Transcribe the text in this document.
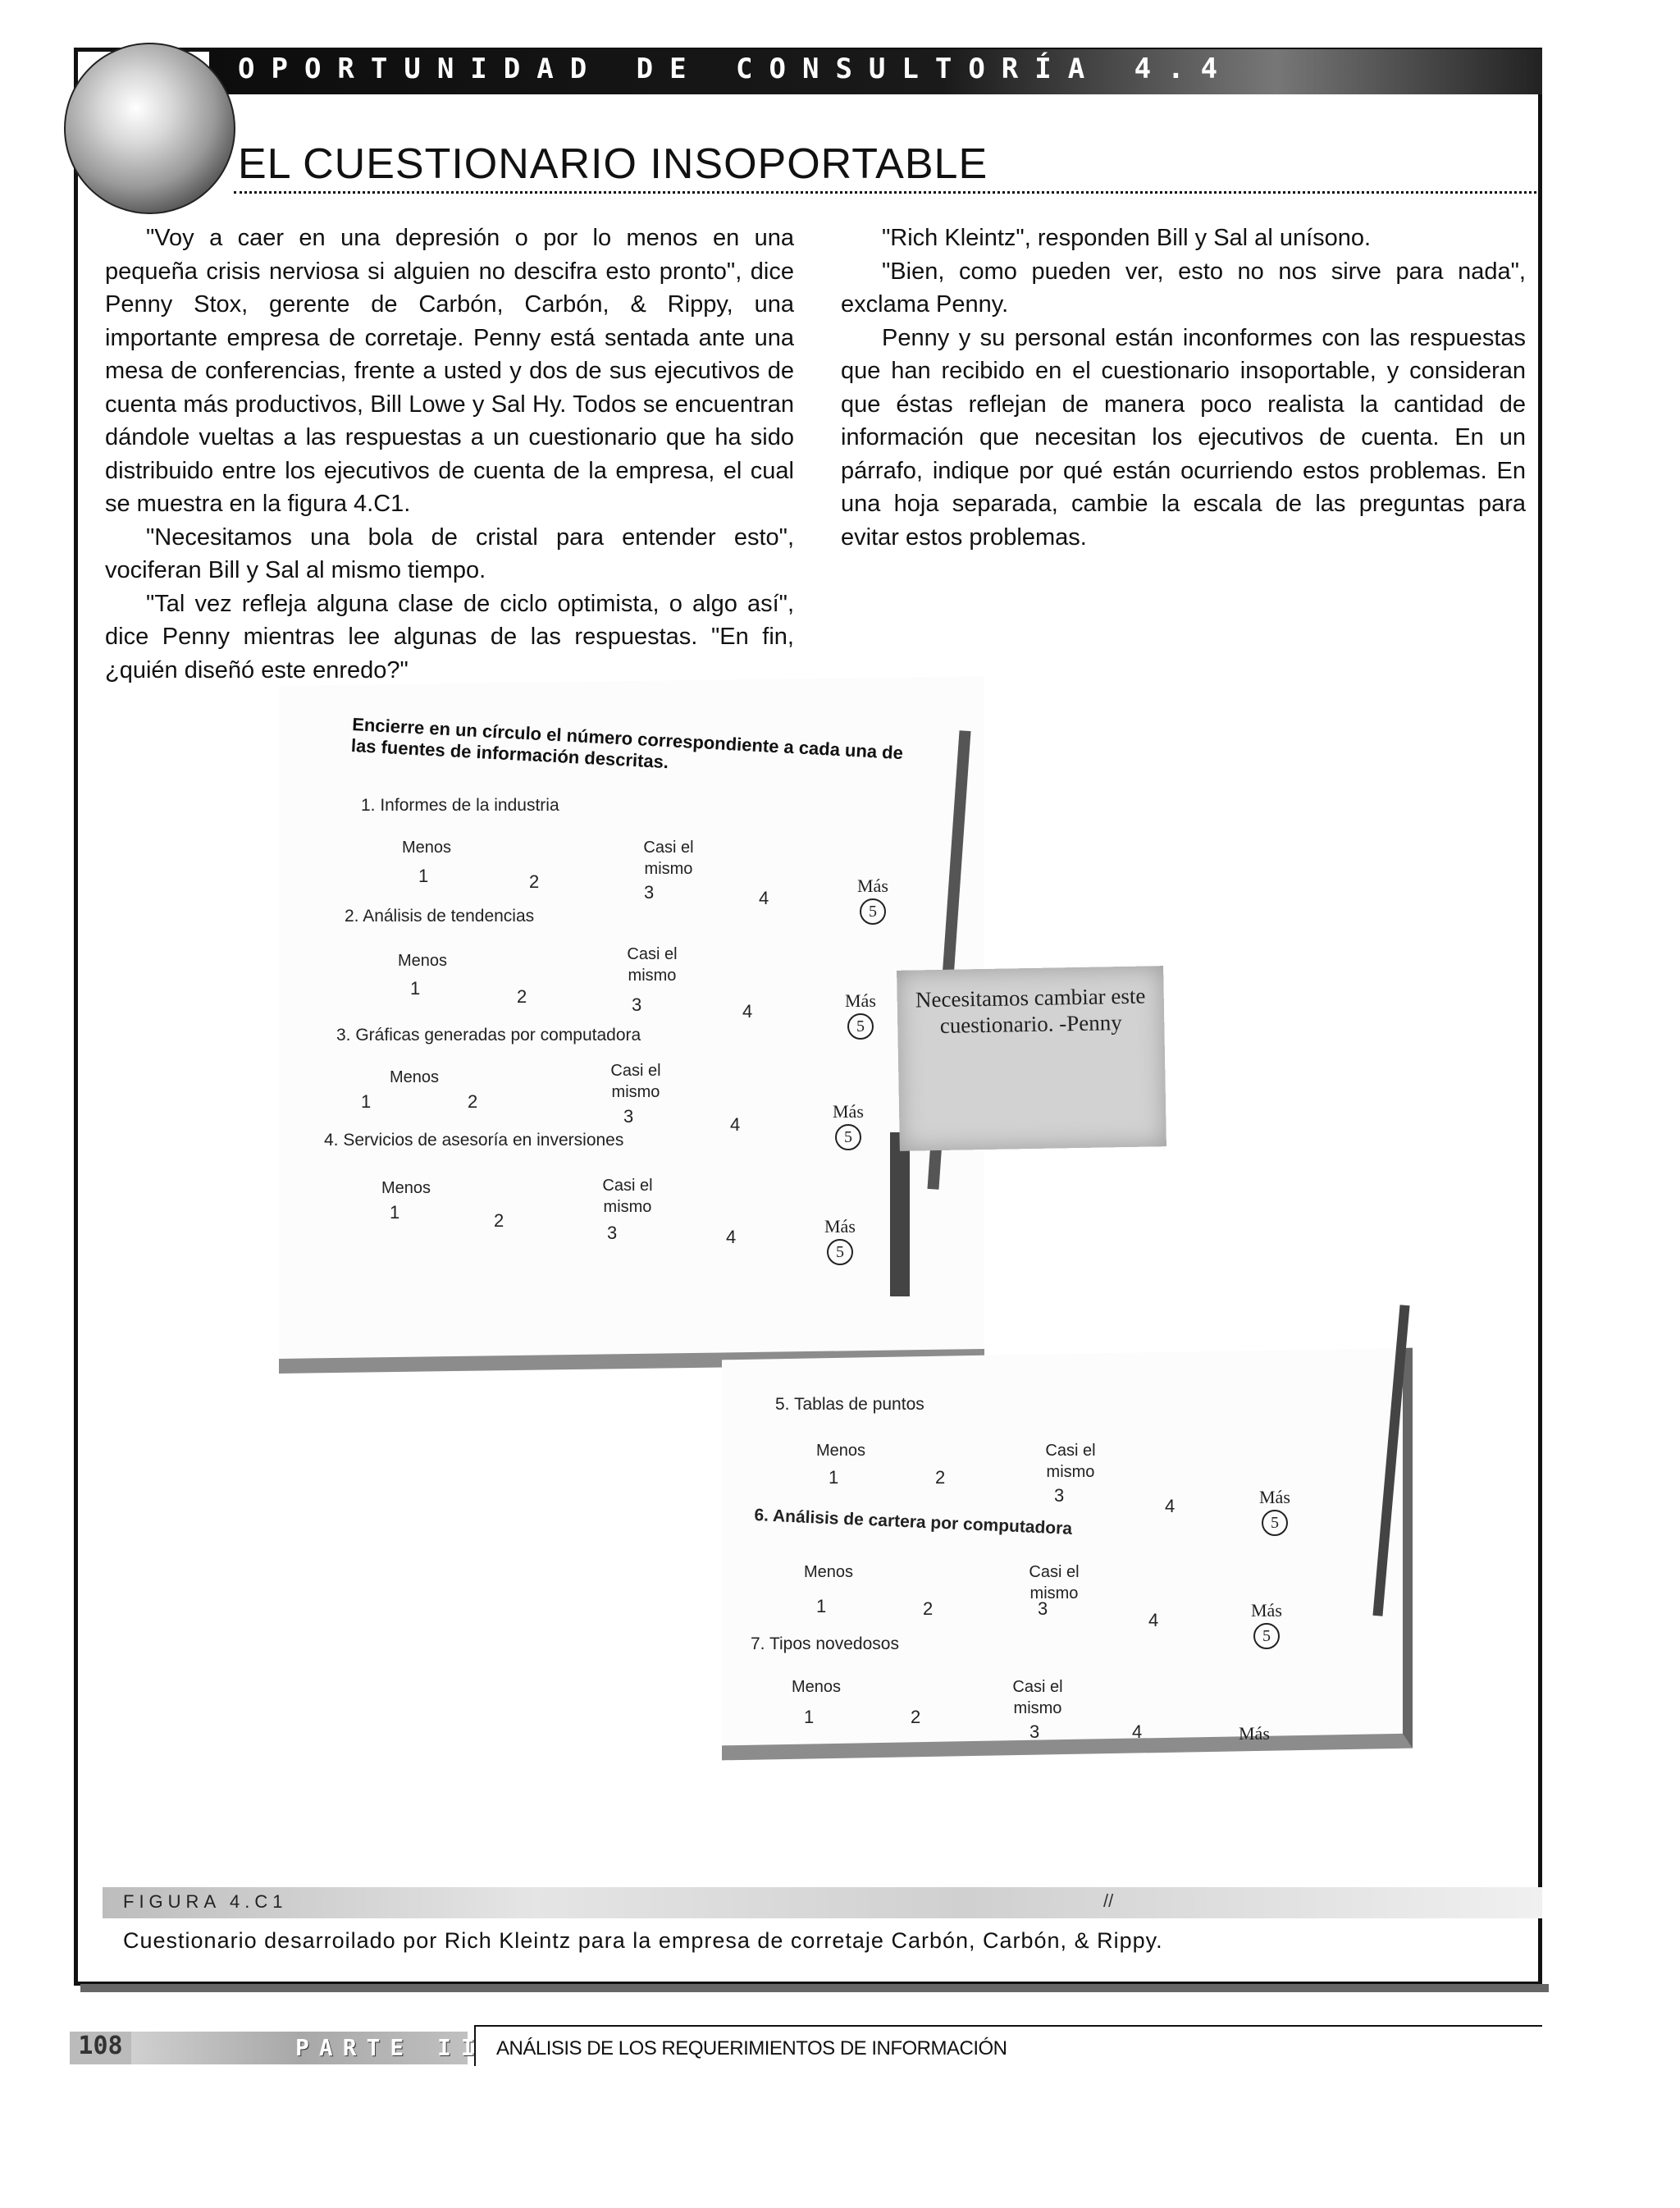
OPORTUNIDAD DE CONSULTORÍA 4.4
EL CUESTIONARIO INSOPORTABLE

"Voy a caer en una depresión o por lo menos en una pequeña crisis nerviosa si alguien no descifra esto pronto", dice Penny Stox, gerente de Carbón, Carbón, & Rippy, una importante empresa de corretaje. Penny está sentada ante una mesa de conferencias, frente a usted y dos de sus ejecutivos de cuenta más productivos, Bill Lowe y Sal Hy. Todos se encuentran dándole vueltas a las respuestas a un cuestionario que ha sido distribuido entre los ejecutivos de cuenta de la empresa, el cual se muestra en la figura 4.C1.

"Necesitamos una bola de cristal para entender esto", vociferan Bill y Sal al mismo tiempo.

"Tal vez refleja alguna clase de ciclo optimista, o algo así", dice Penny mientras lee algunas de las respuestas. "En fin, ¿quién diseñó este enredo?"

"Rich Kleintz", responden Bill y Sal al unísono.

"Bien, como pueden ver, esto no nos sirve para nada", exclama Penny.

Penny y su personal están inconformes con las respuestas que han recibido en el cuestionario insoportable, y consideran que éstas reflejan de manera poco realista la cantidad de información que necesitan los ejecutivos de cuenta. En un párrafo, indique por qué están ocurriendo estos problemas. En una hoja separada, cambie la escala de las preguntas para evitar estos problemas.

Encierre en un círculo el número correspondiente a cada una de las fuentes de información descritas.
1. Informes de la industria
Menos	Casi el mismo
1	2
3	4
Más
5
2. Análisis de tendencias
Menos	Casi el mismo
1	2	3	4
Más
5
3. Gráficas generadas por computadora
Menos	Casi el mismo
1	2
3	4
Más
5
4. Servicios de asesoría en inversiones
Menos	Casi el mismo
1	2
3	4
Más
5
5. Tablas de puntos
Menos	Casi el mismo
1	2
3
4	Más
5
6. Análisis de cartera por computadora
Menos	Casi el mismo
1	2	3
4	Más
5
7. Tipos novedosos
Menos	Casi el mismo
1	2
3	4	Más
Necesitamos cambiar este cuestionario. -Penny
FIGURA 4.C1	//
Cuestionario desarroilado por Rich Kleintz para la empresa de corretaje Carbón, Carbón, & Rippy.
108	PARTE II ANÁLISIS DE LOS REQUERIMIENTOS DE INFORMACIÓN
